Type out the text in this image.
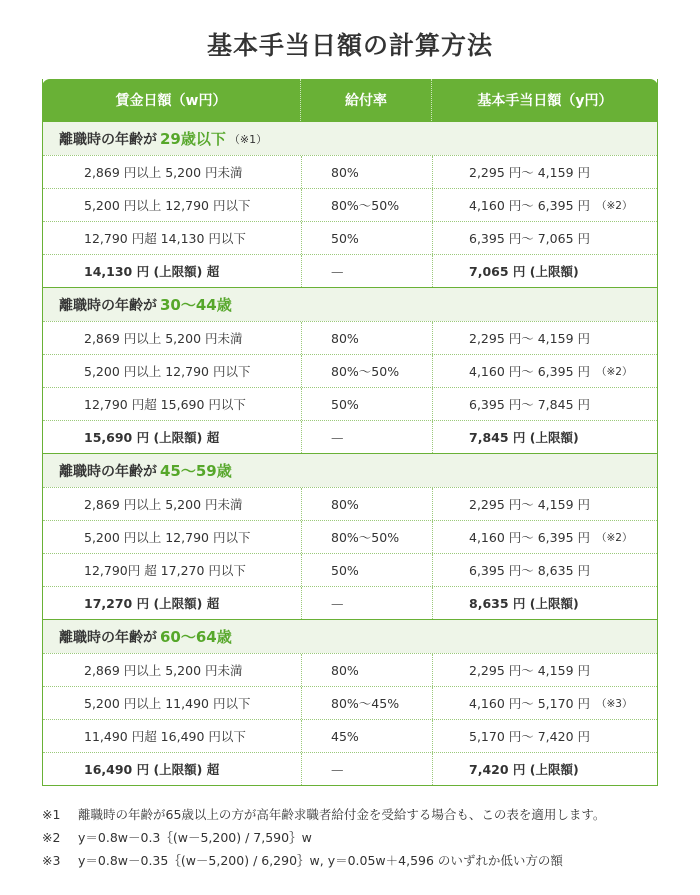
基本手当日額の計算方法
賃金日額（w円）	給付率	基本手当日額（y円）
離職時の年齢が 29歳以下 （※1）
2,869 円以上 5,200 円未満	80%	2,295 円～ 4,159 円
5,200 円以上 12,790 円以下	80%～50%	4,160 円～ 6,395 円 （※2）
12,790 円超 14,130 円以下	50%	6,395 円～ 7,065 円
14,130 円 (上限額) 超	—	7,065 円 (上限額)
離職時の年齢が 30～44歳
2,869 円以上 5,200 円未満	80%	2,295 円～ 4,159 円
5,200 円以上 12,790 円以下	80%～50%	4,160 円～ 6,395 円 （※2）
12,790 円超 15,690 円以下	50%	6,395 円～ 7,845 円
15,690 円 (上限額) 超	—	7,845 円 (上限額)
離職時の年齢が 45～59歳
2,869 円以上 5,200 円未満	80%	2,295 円～ 4,159 円
5,200 円以上 12,790 円以下	80%～50%	4,160 円～ 6,395 円 （※2）
12,790円 超 17,270 円以下	50%	6,395 円～ 8,635 円
17,270 円 (上限額) 超	—	8,635 円 (上限額)
離職時の年齢が 60～64歳
2,869 円以上 5,200 円未満	80%	2,295 円～ 4,159 円
5,200 円以上 11,490 円以下	80%～45%	4,160 円～ 5,170 円 （※3）
11,490 円超 16,490 円以下	45%	5,170 円～ 7,420 円
16,490 円 (上限額) 超	—	7,420 円 (上限額)
※1	離職時の年齢が65歳以上の方が高年齢求職者給付金を受給する場合も、この表を適用します。
※2	y＝0.8w－0.3｛(w－5,200) / 7,590｝w
※3	y＝0.8w－0.35｛(w－5,200) / 6,290｝w, y＝0.05w＋4,596 のいずれか低い方の額
